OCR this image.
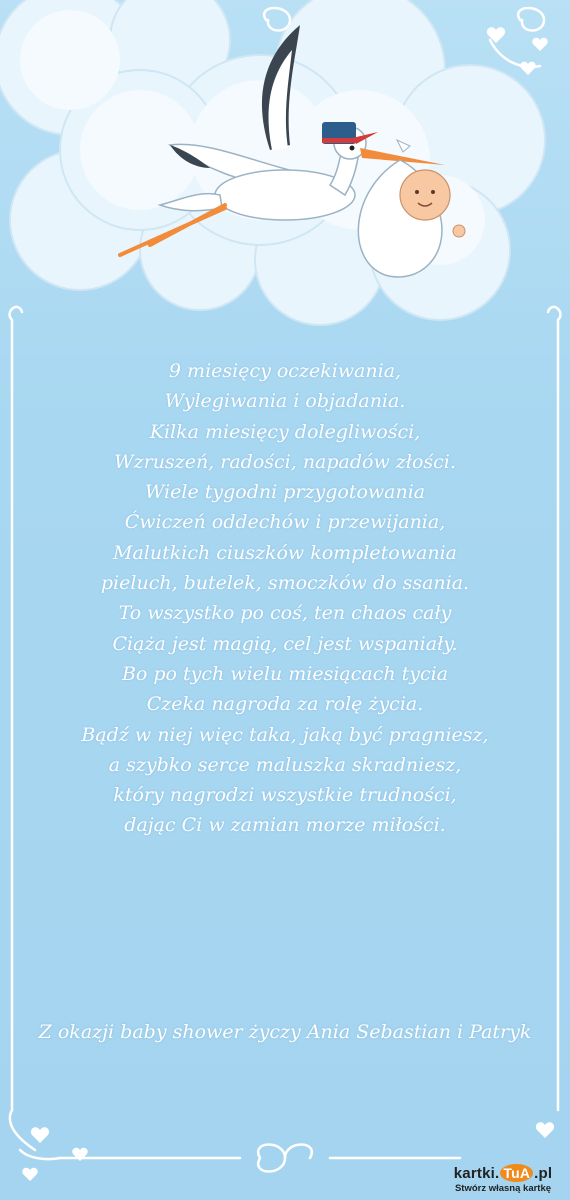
9 miesięcy oczekiwania,
Wylegiwania i objadania.
Kilka miesięcy dolegliwości,
Wzruszeń, radości, napadów złości.
Wiele tygodni przygotowania
Ćwiczeń oddechów i przewijania,
Malutkich ciuszków kompletowania
pieluch, butelek, smoczków do ssania.
To wszystko po coś, ten chaos cały
Ciąża jest magią, cel jest wspaniały.
Bo po tych wielu miesiącach tycia
Czeka nagroda za rolę życia.
Bądź w niej więc taka, jaką być pragniesz,
a szybko serce maluszka skradniesz,
który nagrodzi wszystkie trudności,
dając Ci w zamian morze miłości.
Z okazji baby shower życzy Ania Sebastian i Patryk
kartki. TuA .pl
Stwórz własną kartkę
